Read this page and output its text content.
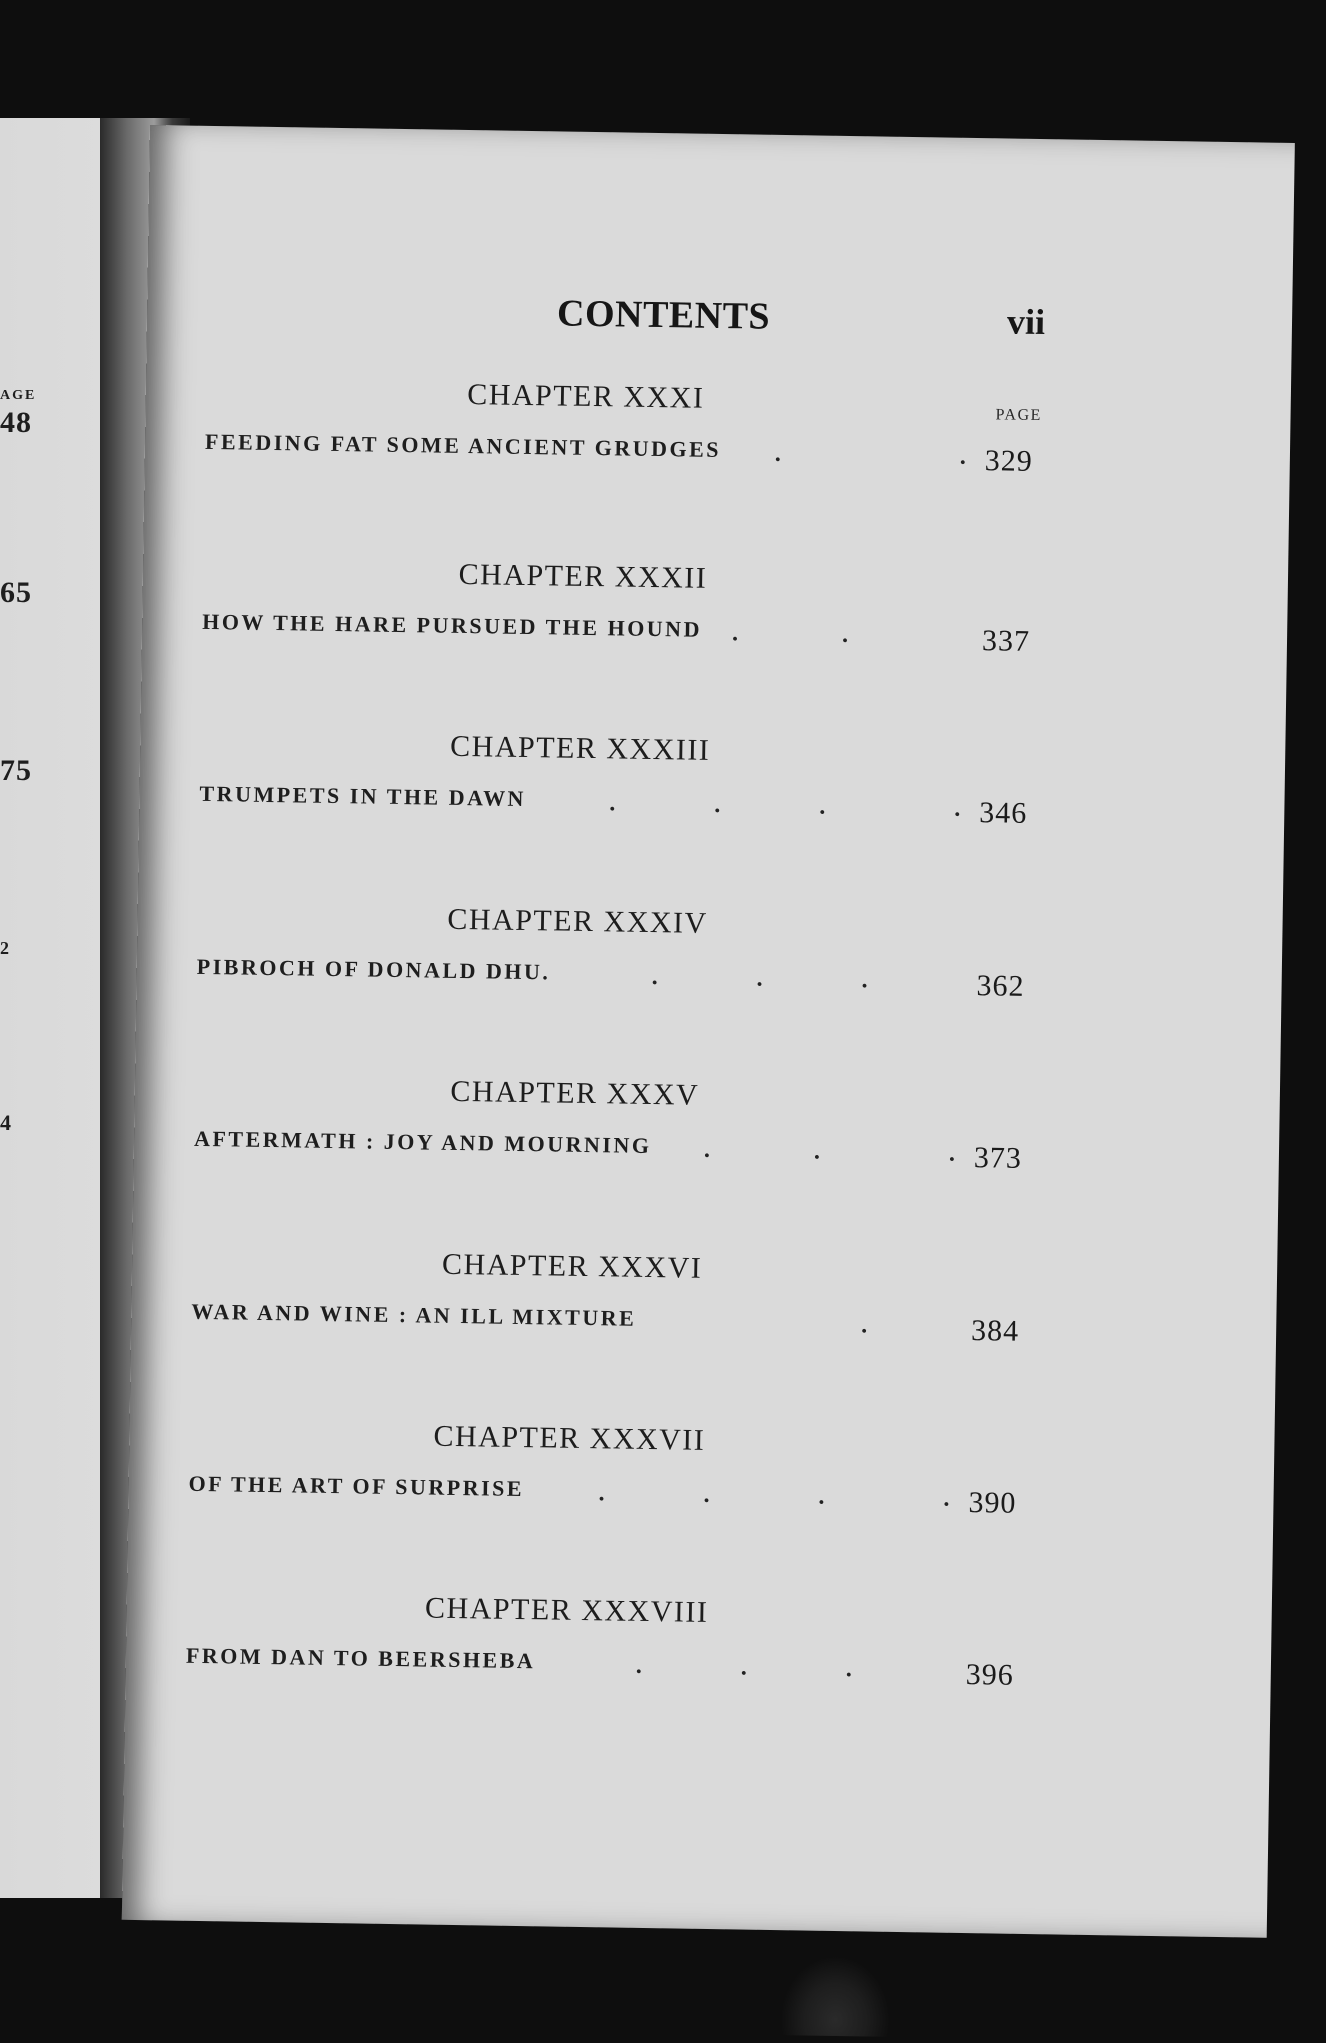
AGE
48
65
75
2
4
CONTENTS	vii
CHAPTER XXXI
PAGE
FEEDING FAT SOME ANCIENT GRUDGES .	. 329
CHAPTER XXXII
HOW THE HARE PURSUED THE HOUND .	.	337
CHAPTER XXXIII
TRUMPETS IN THE DAWN	.	.	.	. 346
CHAPTER XXXIV
PIBROCH OF DONALD DHU.	.	.	.	362
CHAPTER XXXV
AFTERMATH : JOY AND MOURNING .	.	. 373
CHAPTER XXXVI
WAR AND WINE : AN ILL MIXTURE	.	384
CHAPTER XXXVII
OF THE ART OF SURPRISE	.	.	.	. 390
CHAPTER XXXVIII
FROM DAN TO BEERSHEBA	.	.	.	396
